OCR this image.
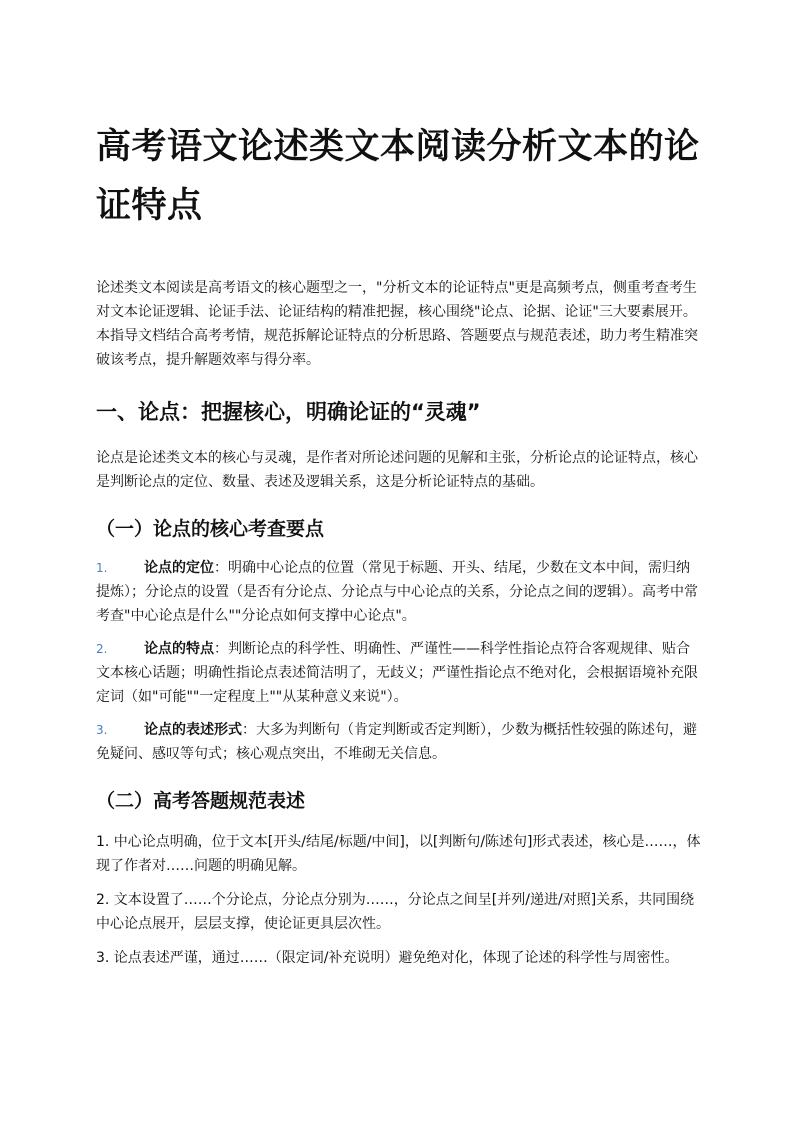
高考语文论述类文本阅读分析文本的论证特点
论述类文本阅读是高考语文的核心题型之一，"分析文本的论证特点"更是高频考点，侧重考查考生对文本论证逻辑、论证手法、论证结构的精准把握，核心围绕"论点、论据、论证"三大要素展开。本指导文档结合高考考情，规范拆解论证特点的分析思路、答题要点与规范表述，助力考生精准突破该考点，提升解题效率与得分率。
一、论点：把握核心，明确论证的“灵魂”
论点是论述类文本的核心与灵魂，是作者对所论述问题的见解和主张，分析论点的论证特点，核心是判断论点的定位、数量、表述及逻辑关系，这是分析论证特点的基础。
（一）论点的核心考查要点
1.	论点的定位：明确中心论点的位置（常见于标题、开头、结尾，少数在文本中间，需归纳提炼）；分论点的设置（是否有分论点、分论点与中心论点的关系，分论点之间的逻辑）。高考中常考查"中心论点是什么""分论点如何支撑中心论点"。
2.	论点的特点：判断论点的科学性、明确性、严谨性——科学性指论点符合客观规律、贴合文本核心话题；明确性指论点表述简洁明了，无歧义；严谨性指论点不绝对化，会根据语境补充限定词（如"可能""一定程度上""从某种意义来说"）。
3.	论点的表述形式：大多为判断句（肯定判断或否定判断），少数为概括性较强的陈述句，避免疑问、感叹等句式；核心观点突出，不堆砌无关信息。
（二）高考答题规范表述
1. 中心论点明确，位于文本[开头/结尾/标题/中间]，以[判断句/陈述句]形式表述，核心是……，体现了作者对……问题的明确见解。
2. 文本设置了……个分论点，分论点分别为……，分论点之间呈[并列/递进/对照]关系，共同围绕中心论点展开，层层支撑，使论证更具层次性。
3. 论点表述严谨，通过……（限定词/补充说明）避免绝对化，体现了论述的科学性与周密性。
